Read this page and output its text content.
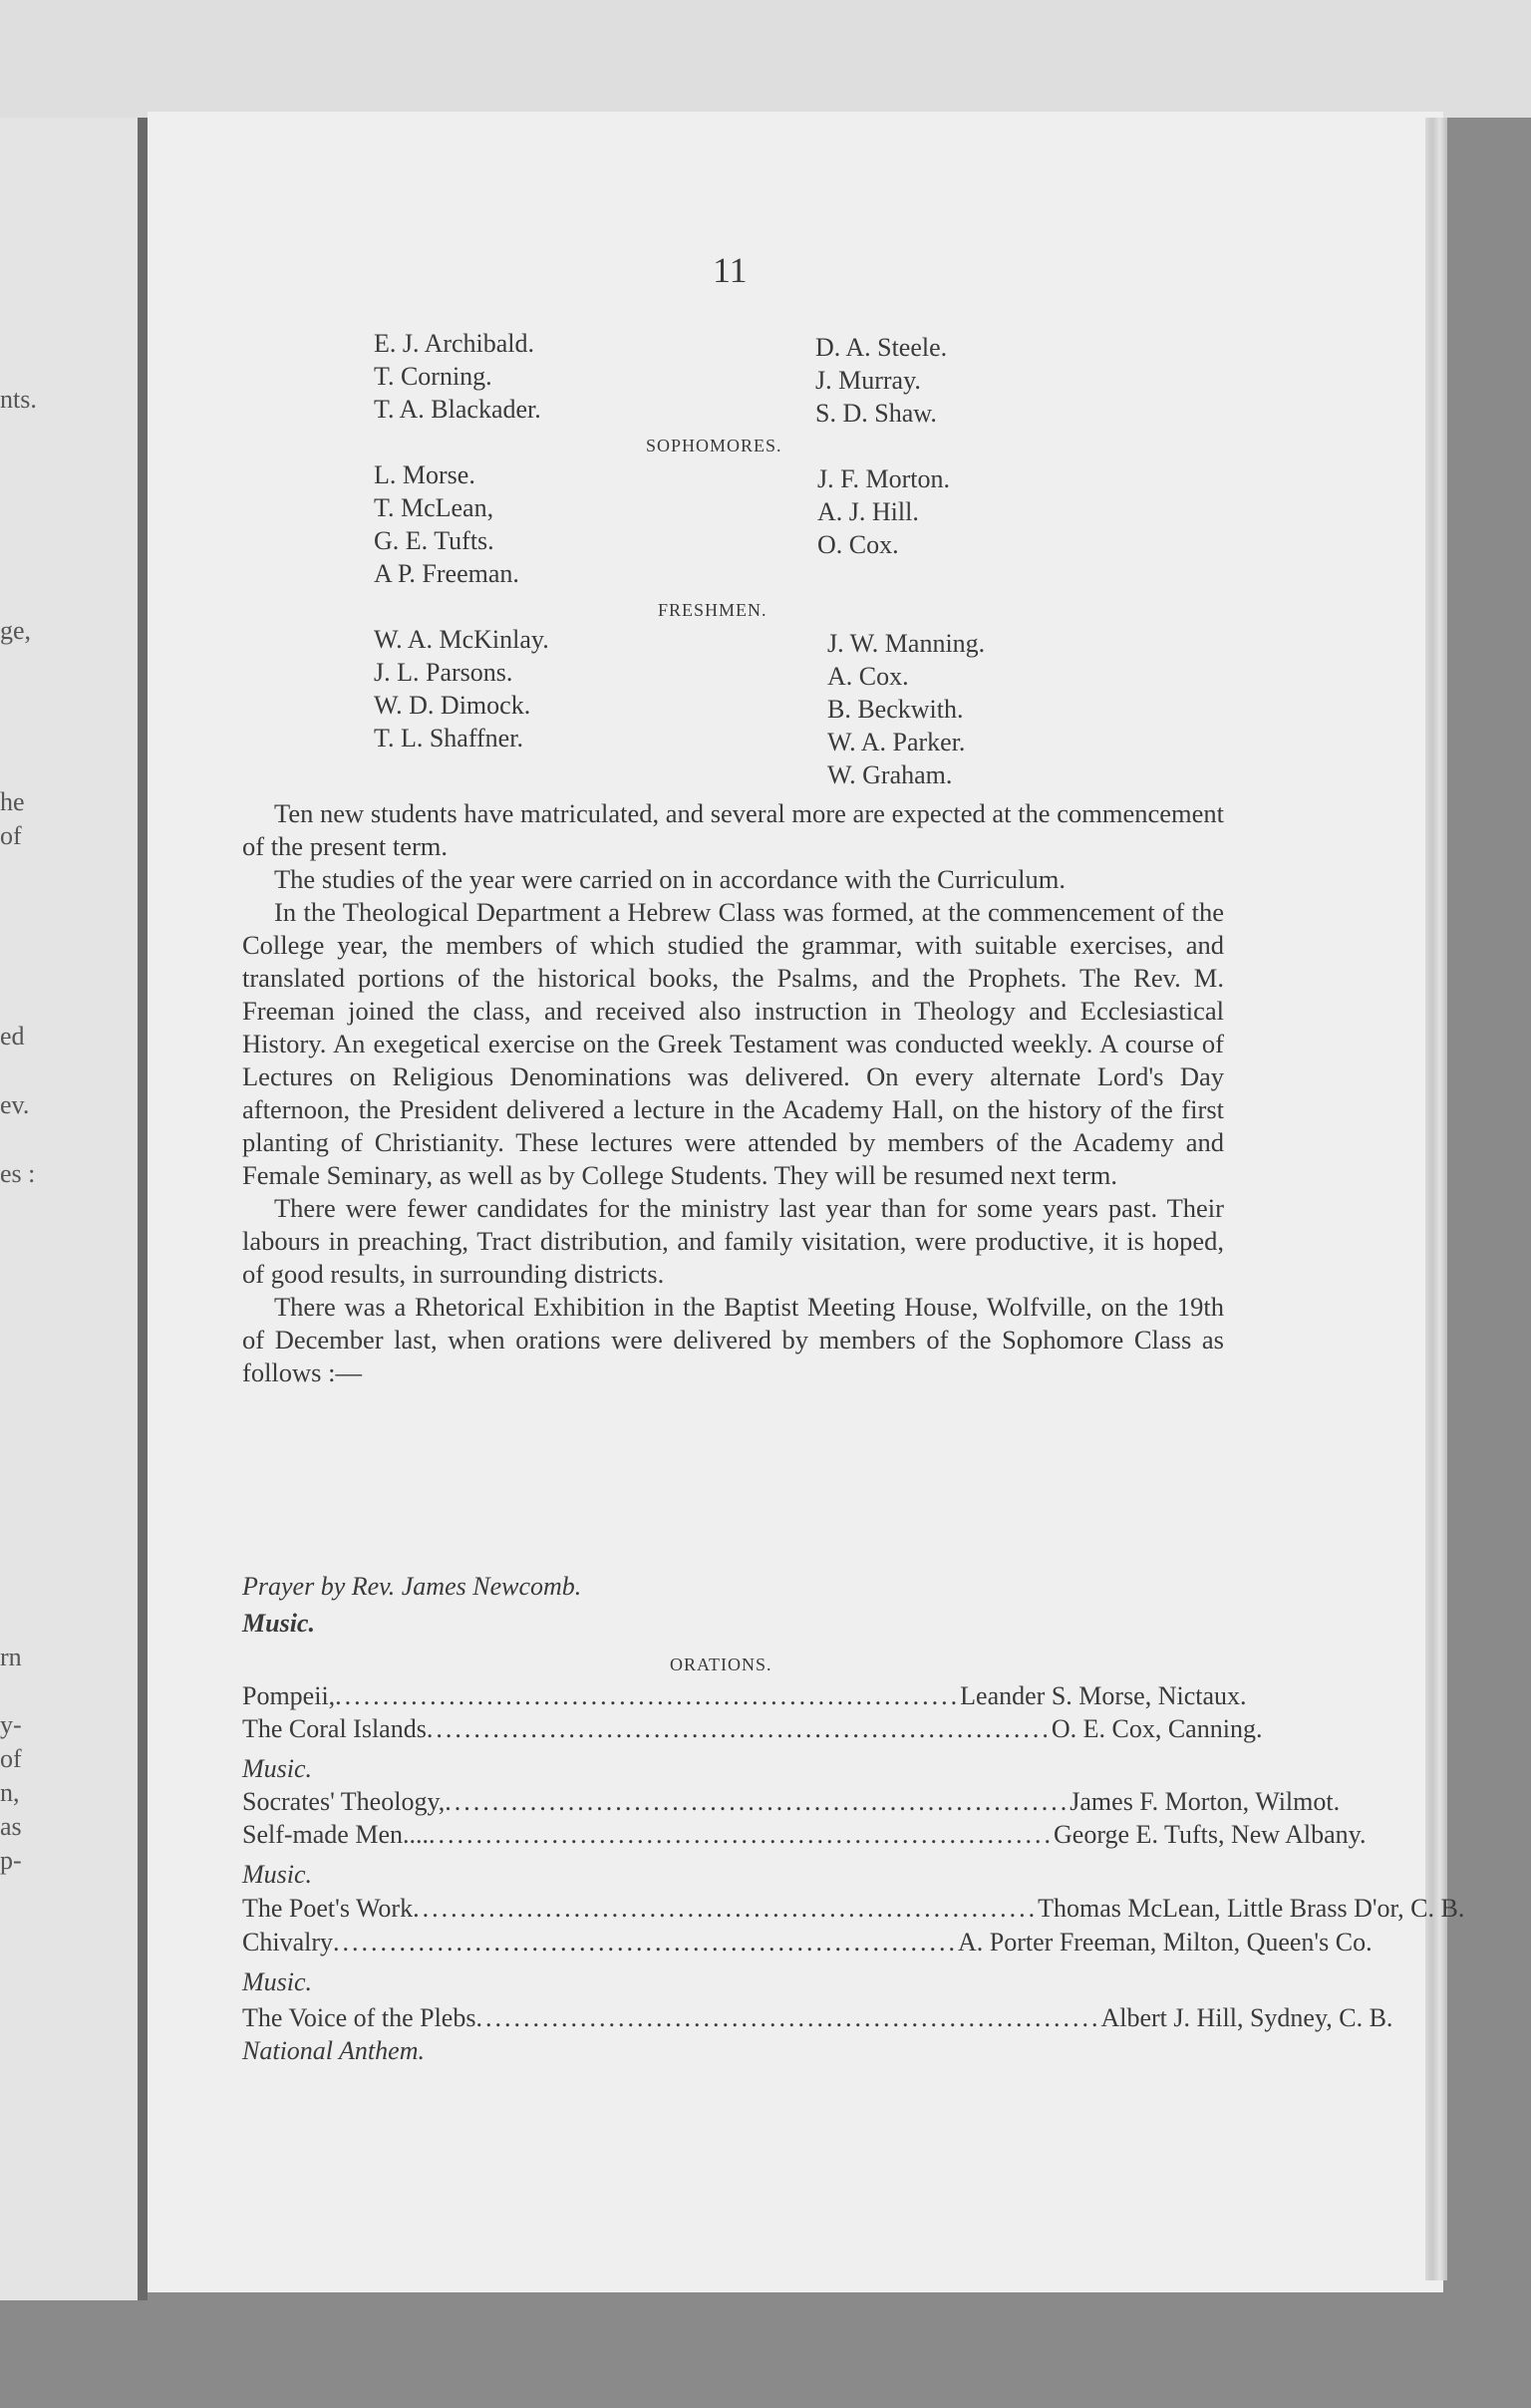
nts.
ge,
he
of
ed
ev.
es :
rn
y-
of
n,
as
p-
11
E. J. Archibald.
T. Corning.
T. A. Blackader.
D. A. Steele.
J. Murray.
S. D. Shaw.
SOPHOMORES.
L. Morse.
T. McLean,
G. E. Tufts.
A P. Freeman.
J. F. Morton.
A. J. Hill.
O. Cox.
FRESHMEN.
W. A. McKinlay.
J. L. Parsons.
W. D. Dimock.
T. L. Shaffner.
J. W. Manning.
A. Cox.
B. Beckwith.
W. A. Parker.
W. Graham.

Ten new students have matriculated, and several more are expected at the commencement of the present term.

The studies of the year were carried on in accordance with the Curriculum.

In the Theological Department a Hebrew Class was formed, at the commencement of the College year, the members of which studied the grammar, with suitable exercises, and translated portions of the historical books, the Psalms, and the Prophets. The Rev. M. Freeman joined the class, and received also instruction in Theology and Ecclesiastical History. An exegetical exercise on the Greek Testament was conducted weekly. A course of Lectures on Religious Denominations was delivered. On every alternate Lord's Day afternoon, the President delivered a lecture in the Academy Hall, on the history of the first planting of Christianity. These lectures were attended by members of the Academy and Female Seminary, as well as by College Students. They will be resumed next term.

There were fewer candidates for the ministry last year than for some years past. Their labours in preaching, Tract distribution, and family visitation, were productive, it is hoped, of good results, in surrounding districts.

There was a Rhetorical Exhibition in the Baptist Meeting House, Wolfville, on the 19th of December last, when orations were delivered by members of the Sophomore Class as follows :—

Prayer by Rev. James Newcomb.
Music.
ORATIONS.
Pompeii, .................................................................. Leander S. Morse, Nictaux.
The Coral Islands .................................................................. O. E. Cox, Canning.
Music.
Socrates' Theology, .................................................................. James F. Morton, Wilmot.
Self-made Men.... .................................................................. George E. Tufts, New Albany.
Music.
The Poet's Work .................................................................. Thomas McLean, Little Brass D'or, C. B.
Chivalry .................................................................. A. Porter Freeman, Milton, Queen's Co.
Music.
The Voice of the Plebs .................................................................. Albert J. Hill, Sydney, C. B.
National Anthem.
